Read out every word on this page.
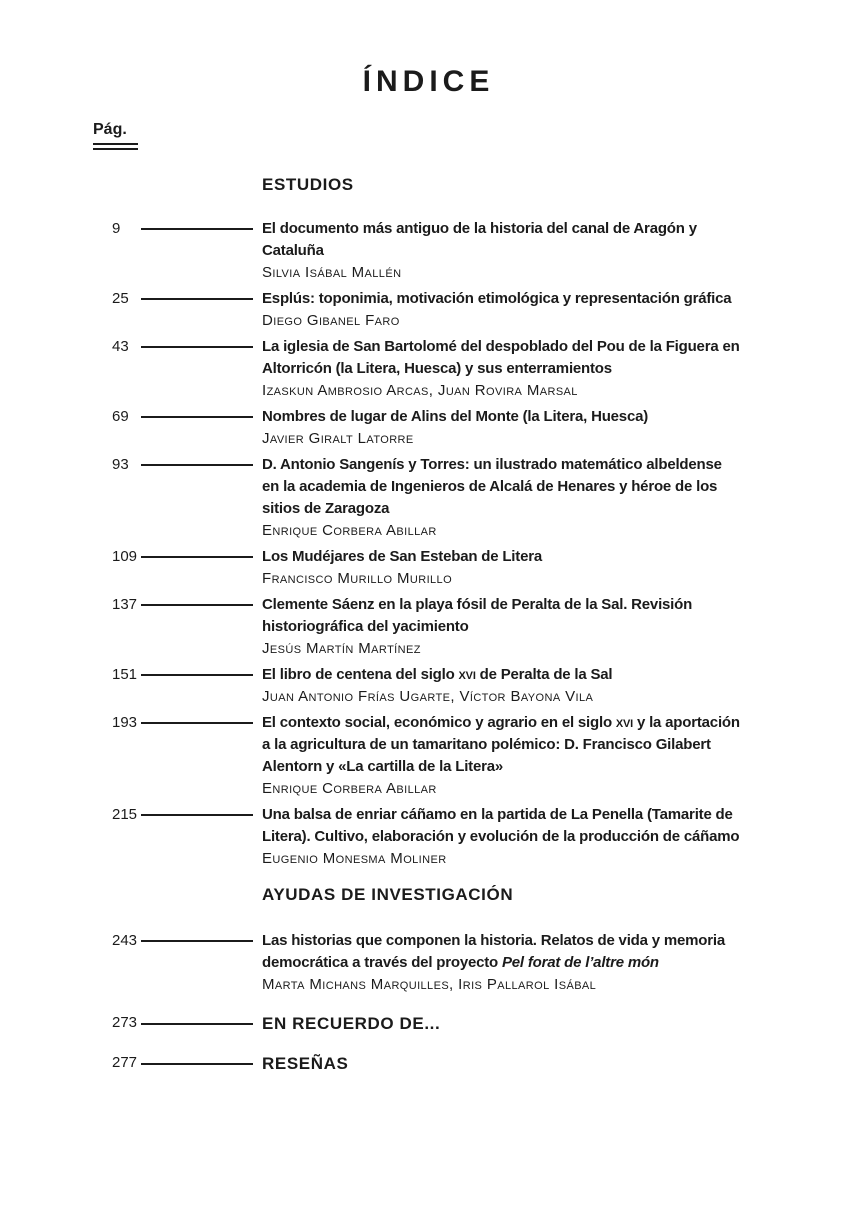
ÍNDICE
Pág.
ESTUDIOS
9	El documento más antiguo de la historia del canal de Aragón y
Cataluña
Silvia Isábal Mallén
25	Esplús: toponimia, motivación etimológica y representación gráfica
Diego Gibanel Faro
43	La iglesia de San Bartolomé del despoblado del Pou de la Figuera en
Altorricón (la Litera, Huesca) y sus enterramientos
Izaskun Ambrosio Arcas, Juan Rovira Marsal
69	Nombres de lugar de Alins del Monte (la Litera, Huesca)
Javier Giralt Latorre
93	D. Antonio Sangenís y Torres: un ilustrado matemático albeldense
en la academia de Ingenieros de Alcalá de Henares y héroe de los
sitios de Zaragoza
Enrique Corbera Abillar
109	Los Mudéjares de San Esteban de Litera
Francisco Murillo Murillo
137	Clemente Sáenz en la playa fósil de Peralta de la Sal. Revisión
historiográfica del yacimiento
Jesús Martín Martínez
151	El libro de centena del siglo xvi de Peralta de la Sal
Juan Antonio Frías Ugarte, Víctor Bayona Vila
193	El contexto social, económico y agrario en el siglo xvi y la aportación
a la agricultura de un tamaritano polémico: D. Francisco Gilabert
Alentorn y «La cartilla de la Litera»
Enrique Corbera Abillar
215	Una balsa de enriar cáñamo en la partida de La Penella (Tamarite de
Litera). Cultivo, elaboración y evolución de la producción de cáñamo
Eugenio Monesma Moliner
AYUDAS DE INVESTIGACIÓN
243	Las historias que componen la historia. Relatos de vida y memoria
democrática a través del proyecto Pel forat de l’altre món
Marta Michans Marquilles, Iris Pallarol Isábal
273	EN RECUERDO DE...
277	RESEÑAS
